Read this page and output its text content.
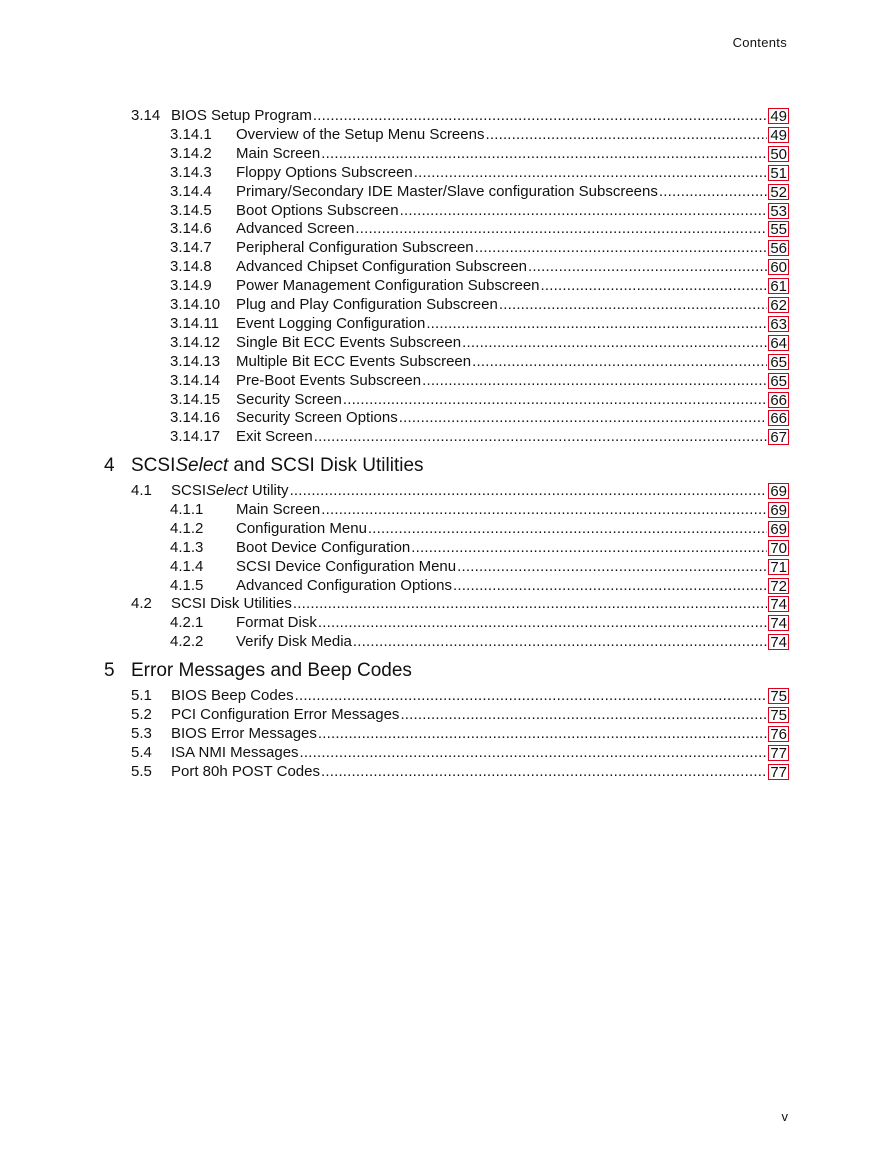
Contents
3.14 BIOS Setup Program .....	49
3.14.1	Overview of the Setup Menu Screens .....	49
3.14.2	Main Screen .....	50
3.14.3	Floppy Options Subscreen .....	51
3.14.4	Primary/Secondary IDE Master/Slave configuration Subscreens .....	52
3.14.5	Boot Options Subscreen .....	53
3.14.6	Advanced Screen .....	55
3.14.7	Peripheral Configuration Subscreen .....	56
3.14.8	Advanced Chipset Configuration Subscreen .....	60
3.14.9	Power Management Configuration Subscreen .....	61
3.14.10	Plug and Play Configuration Subscreen .....	62
3.14.11	Event Logging Configuration .....	63
3.14.12	Single Bit ECC Events Subscreen .....	64
3.14.13	Multiple Bit ECC Events Subscreen .....	65
3.14.14	Pre-Boot Events Subscreen .....	65
3.14.15	Security Screen .....	66
3.14.16	Security Screen Options .....	66
3.14.17	Exit Screen .....	67
4 SCSISelect and SCSI Disk Utilities
4.1	SCSISelect Utility .....	69
4.1.1	Main Screen .....	69
4.1.2	Configuration Menu .....	69
4.1.3	Boot Device Configuration .....	70
4.1.4	SCSI Device Configuration Menu .....	71
4.1.5	Advanced Configuration Options .....	72
4.2	SCSI Disk Utilities .....	74
4.2.1	Format Disk .....	74
4.2.2	Verify Disk Media .....	74
5 Error Messages and Beep Codes
5.1	BIOS Beep Codes .....	75
5.2	PCI Configuration Error Messages .....	75
5.3	BIOS Error Messages .....	76
5.4	ISA NMI Messages .....	77
5.5	Port 80h POST Codes .....	77
v
